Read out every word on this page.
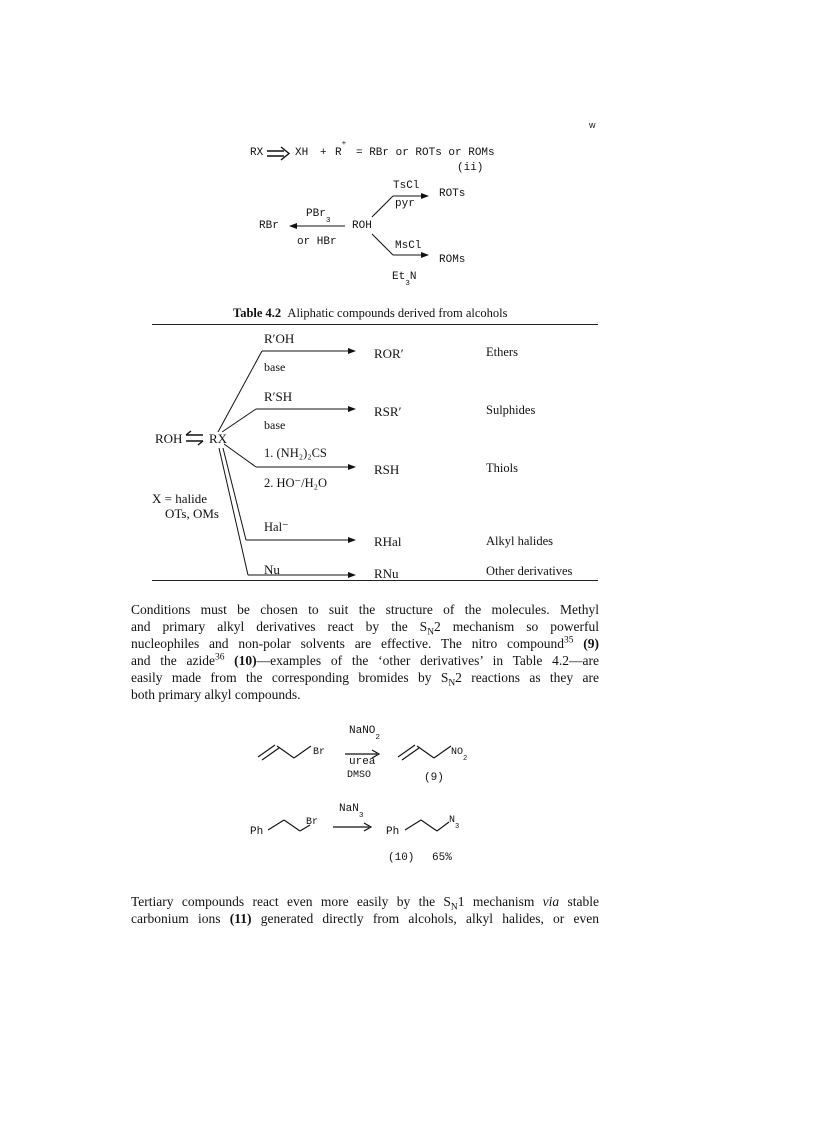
w
RX	XH + R+
= RBr or ROTs or ROMs
(ii)
TsCl
pyr
ROTs
PBr$_3$
RBr	ROH
or HBr	MsCl
ROMs
$Et_3N$
Table 4.2 Aliphatic compounds derived from alcohols
ROH RX
X = halide
OTs, OMs
R′OH
base
ROR′	Ethers
R′SH
base
RSR′	Sulphides
1. (NH₂)₂CS
2. HO⁻/H₂O
RSH	Thiols
Hal⁻
RHal	Alkyl halides
Nu	RNu	Other derivatives
Conditions must be chosen to suit the structure of the molecules. Methyl
and primary alkyl derivatives react by the $S_N2$ mechanism so powerful
nucleophiles and non-polar solvents are effective. The nitro compound$^{35}$ (9)
and the azide$^{36}$ (10)—examples of the ‘other derivatives’ in Table 4.2—are
easily made from the corresponding bromides by $S_N2$ reactions as they are
both primary alkyl compounds.
Br
NaNO$_2$
urea
DMSO
$NO_2$
(9)
Ph
Br
NaN$_3$
Ph
$N_3$
(10) 65%
Tertiary compounds react even more easily by the $S_N1$ mechanism via stable
carbonium ions (11) generated directly from alcohols, alkyl halides, or even
